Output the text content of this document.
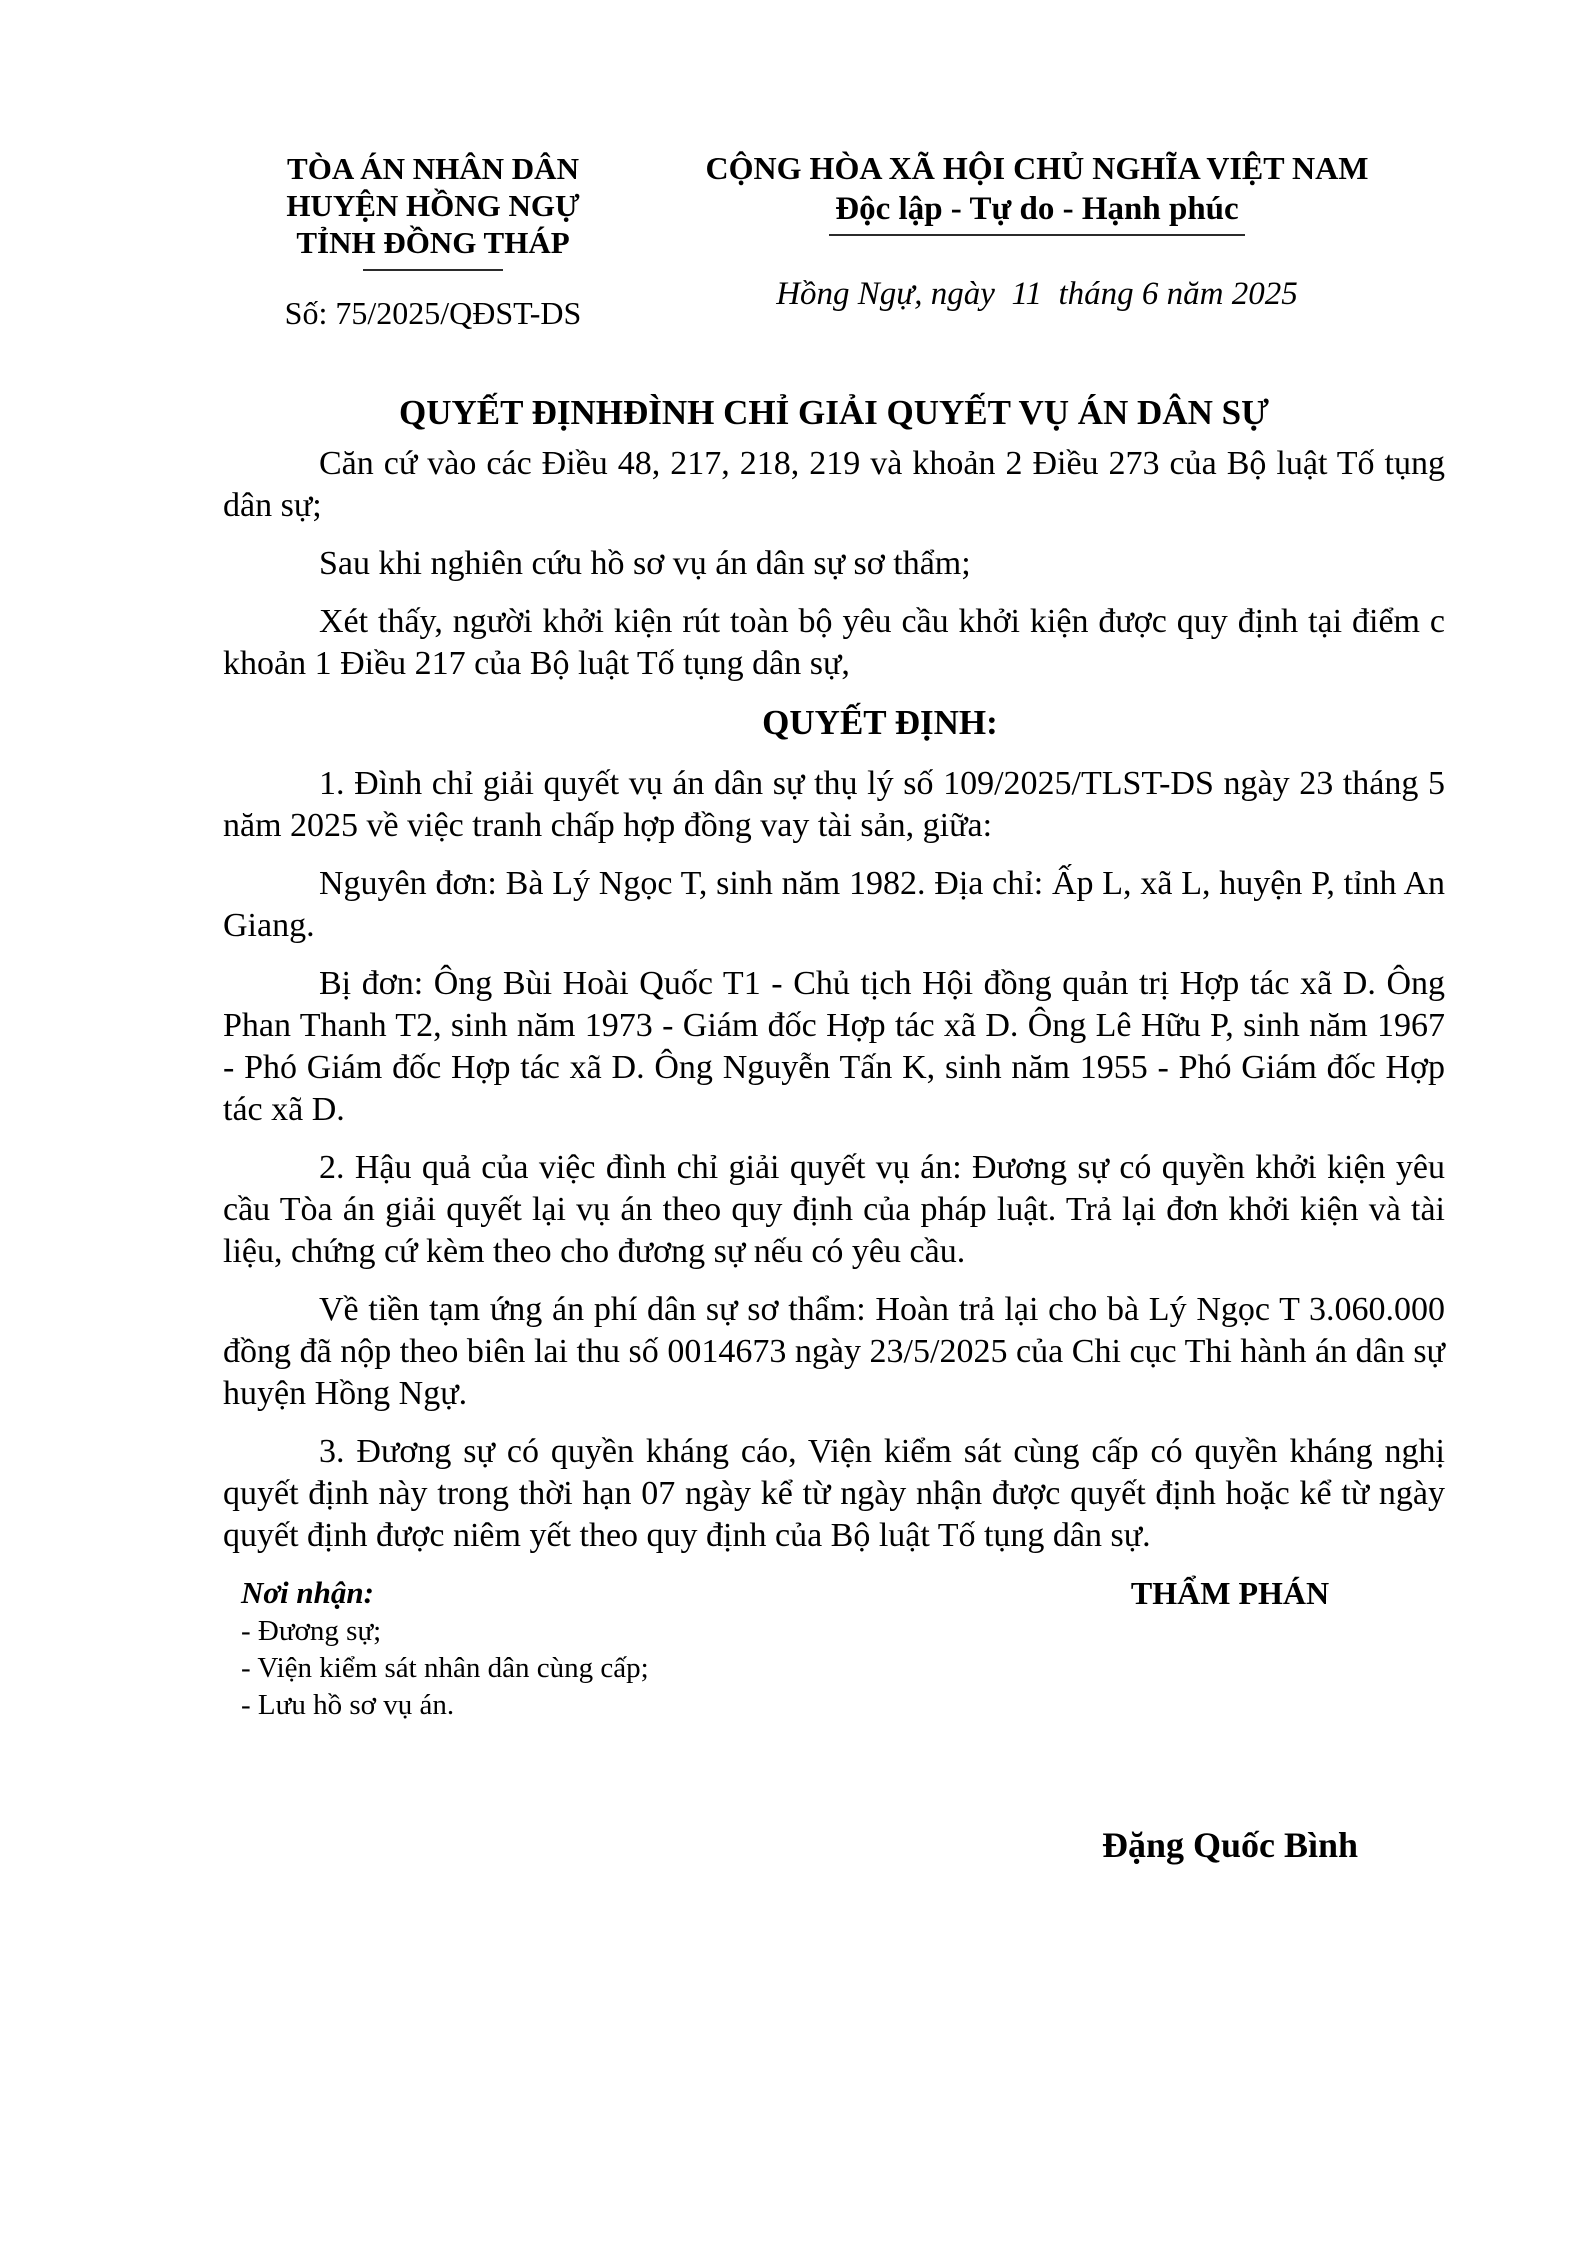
TÒA ÁN NHÂN DÂN
HUYỆN HỒNG NGỰ
TỈNH ĐỒNG THÁP
Số: 75/2025/QĐST-DS
CỘNG HÒA XÃ HỘI CHỦ NGHĨA VIỆT NAM
Độc lập - Tự do - Hạnh phúc
Hồng Ngự, ngày  11  tháng 6 năm 2025
QUYẾT ĐỊNHĐÌNH CHỈ GIẢI QUYẾT VỤ ÁN DÂN SỰ

Căn cứ vào các Điều 48, 217, 218, 219 và khoản 2 Điều 273 của Bộ luật Tố tụng dân sự;

Sau khi nghiên cứu hồ sơ vụ án dân sự sơ thẩm;

Xét thấy, người khởi kiện rút toàn bộ yêu cầu khởi kiện được quy định tại điểm c khoản 1 Điều 217 của Bộ luật Tố tụng dân sự,

QUYẾT ĐỊNH:

1. Đình chỉ giải quyết vụ án dân sự thụ lý số 109/2025/TLST-DS ngày 23 tháng 5 năm 2025 về việc tranh chấp hợp đồng vay tài sản, giữa:

Nguyên đơn: Bà Lý Ngọc T, sinh năm 1982. Địa chỉ: Ấp L, xã L, huyện P, tỉnh An Giang.

Bị đơn: Ông Bùi Hoài Quốc T1 - Chủ tịch Hội đồng quản trị Hợp tác xã D. Ông Phan Thanh T2, sinh năm 1973 - Giám đốc Hợp tác xã D. Ông Lê Hữu P, sinh năm 1967 - Phó Giám đốc Hợp tác xã D. Ông Nguyễn Tấn K, sinh năm 1955 - Phó Giám đốc Hợp tác xã D.

2. Hậu quả của việc đình chỉ giải quyết vụ án: Đương sự có quyền khởi kiện yêu cầu Tòa án giải quyết lại vụ án theo quy định của pháp luật. Trả lại đơn khởi kiện và tài liệu, chứng cứ kèm theo cho đương sự nếu có yêu cầu.

Về tiền tạm ứng án phí dân sự sơ thẩm: Hoàn trả lại cho bà Lý Ngọc T 3.060.000 đồng đã nộp theo biên lai thu số 0014673 ngày 23/5/2025 của Chi cục Thi hành án dân sự huyện Hồng Ngự.

3. Đương sự có quyền kháng cáo, Viện kiểm sát cùng cấp có quyền kháng nghị quyết định này trong thời hạn 07 ngày kể từ ngày nhận được quyết định hoặc kể từ ngày quyết định được niêm yết theo quy định của Bộ luật Tố tụng dân sự.

Nơi nhận:
- Đương sự;
- Viện kiểm sát nhân dân cùng cấp;
- Lưu hồ sơ vụ án.
THẨM PHÁN
Đặng Quốc Bình
